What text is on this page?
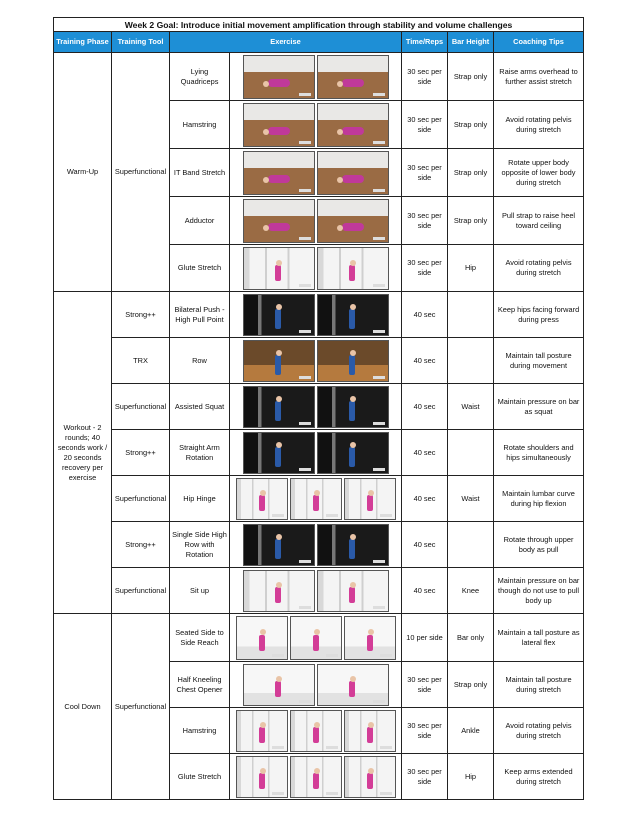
Week 2 Goal: Introduce initial movement amplification through stability and volume challenges						
Training Phase	Training Tool	Exercise		Time/Reps	Bar Height	Coaching Tips
Warm-Up	Superfunctional	Lying Quadriceps		30 sec per side	Strap only	Raise arms overhead to further assist stretch
		Hamstring		30 sec per side	Strap only	Avoid rotating pelvis during stretch
		IT Band Stretch		30 sec per side	Strap only	Rotate upper body opposite of lower body during stretch
		Adductor		30 sec per side	Strap only	Pull strap to raise heel toward ceiling
		Glute Stretch		30 sec per side	Hip	Avoid rotating pelvis during stretch
Workout - 2 rounds; 40 seconds work / 20 seconds recovery per exercise	Strong++	Bilateral Push - High Pull Point		40 sec		Keep hips facing forward during press
	TRX	Row		40 sec		Maintain tall posture during movement
	Superfunctional	Assisted Squat		40 sec	Waist	Maintain pressure on bar as squat
	Strong++	Straight Arm Rotation		40 sec		Rotate shoulders and hips simultaneously
	Superfunctional	Hip Hinge		40 sec	Waist	Maintain lumbar curve during hip flexion
	Strong++	Single Side High Row with Rotation		40 sec		Rotate through upper body as pull
	Superfunctional	Sit up		40 sec	Knee	Maintain pressure on bar though do not use to pull body up
Cool Down	Superfunctional	Seated Side to Side Reach		10 per side	Bar only	Maintain a tall posture as lateral flex
		Half Kneeling Chest Opener		30 sec per side	Strap only	Maintain tall posture during stretch
		Hamstring		30 sec per side	Ankle	Avoid rotating pelvis during stretch
		Glute Stretch		30 sec per side	Hip	Keep arms extended during stretch
